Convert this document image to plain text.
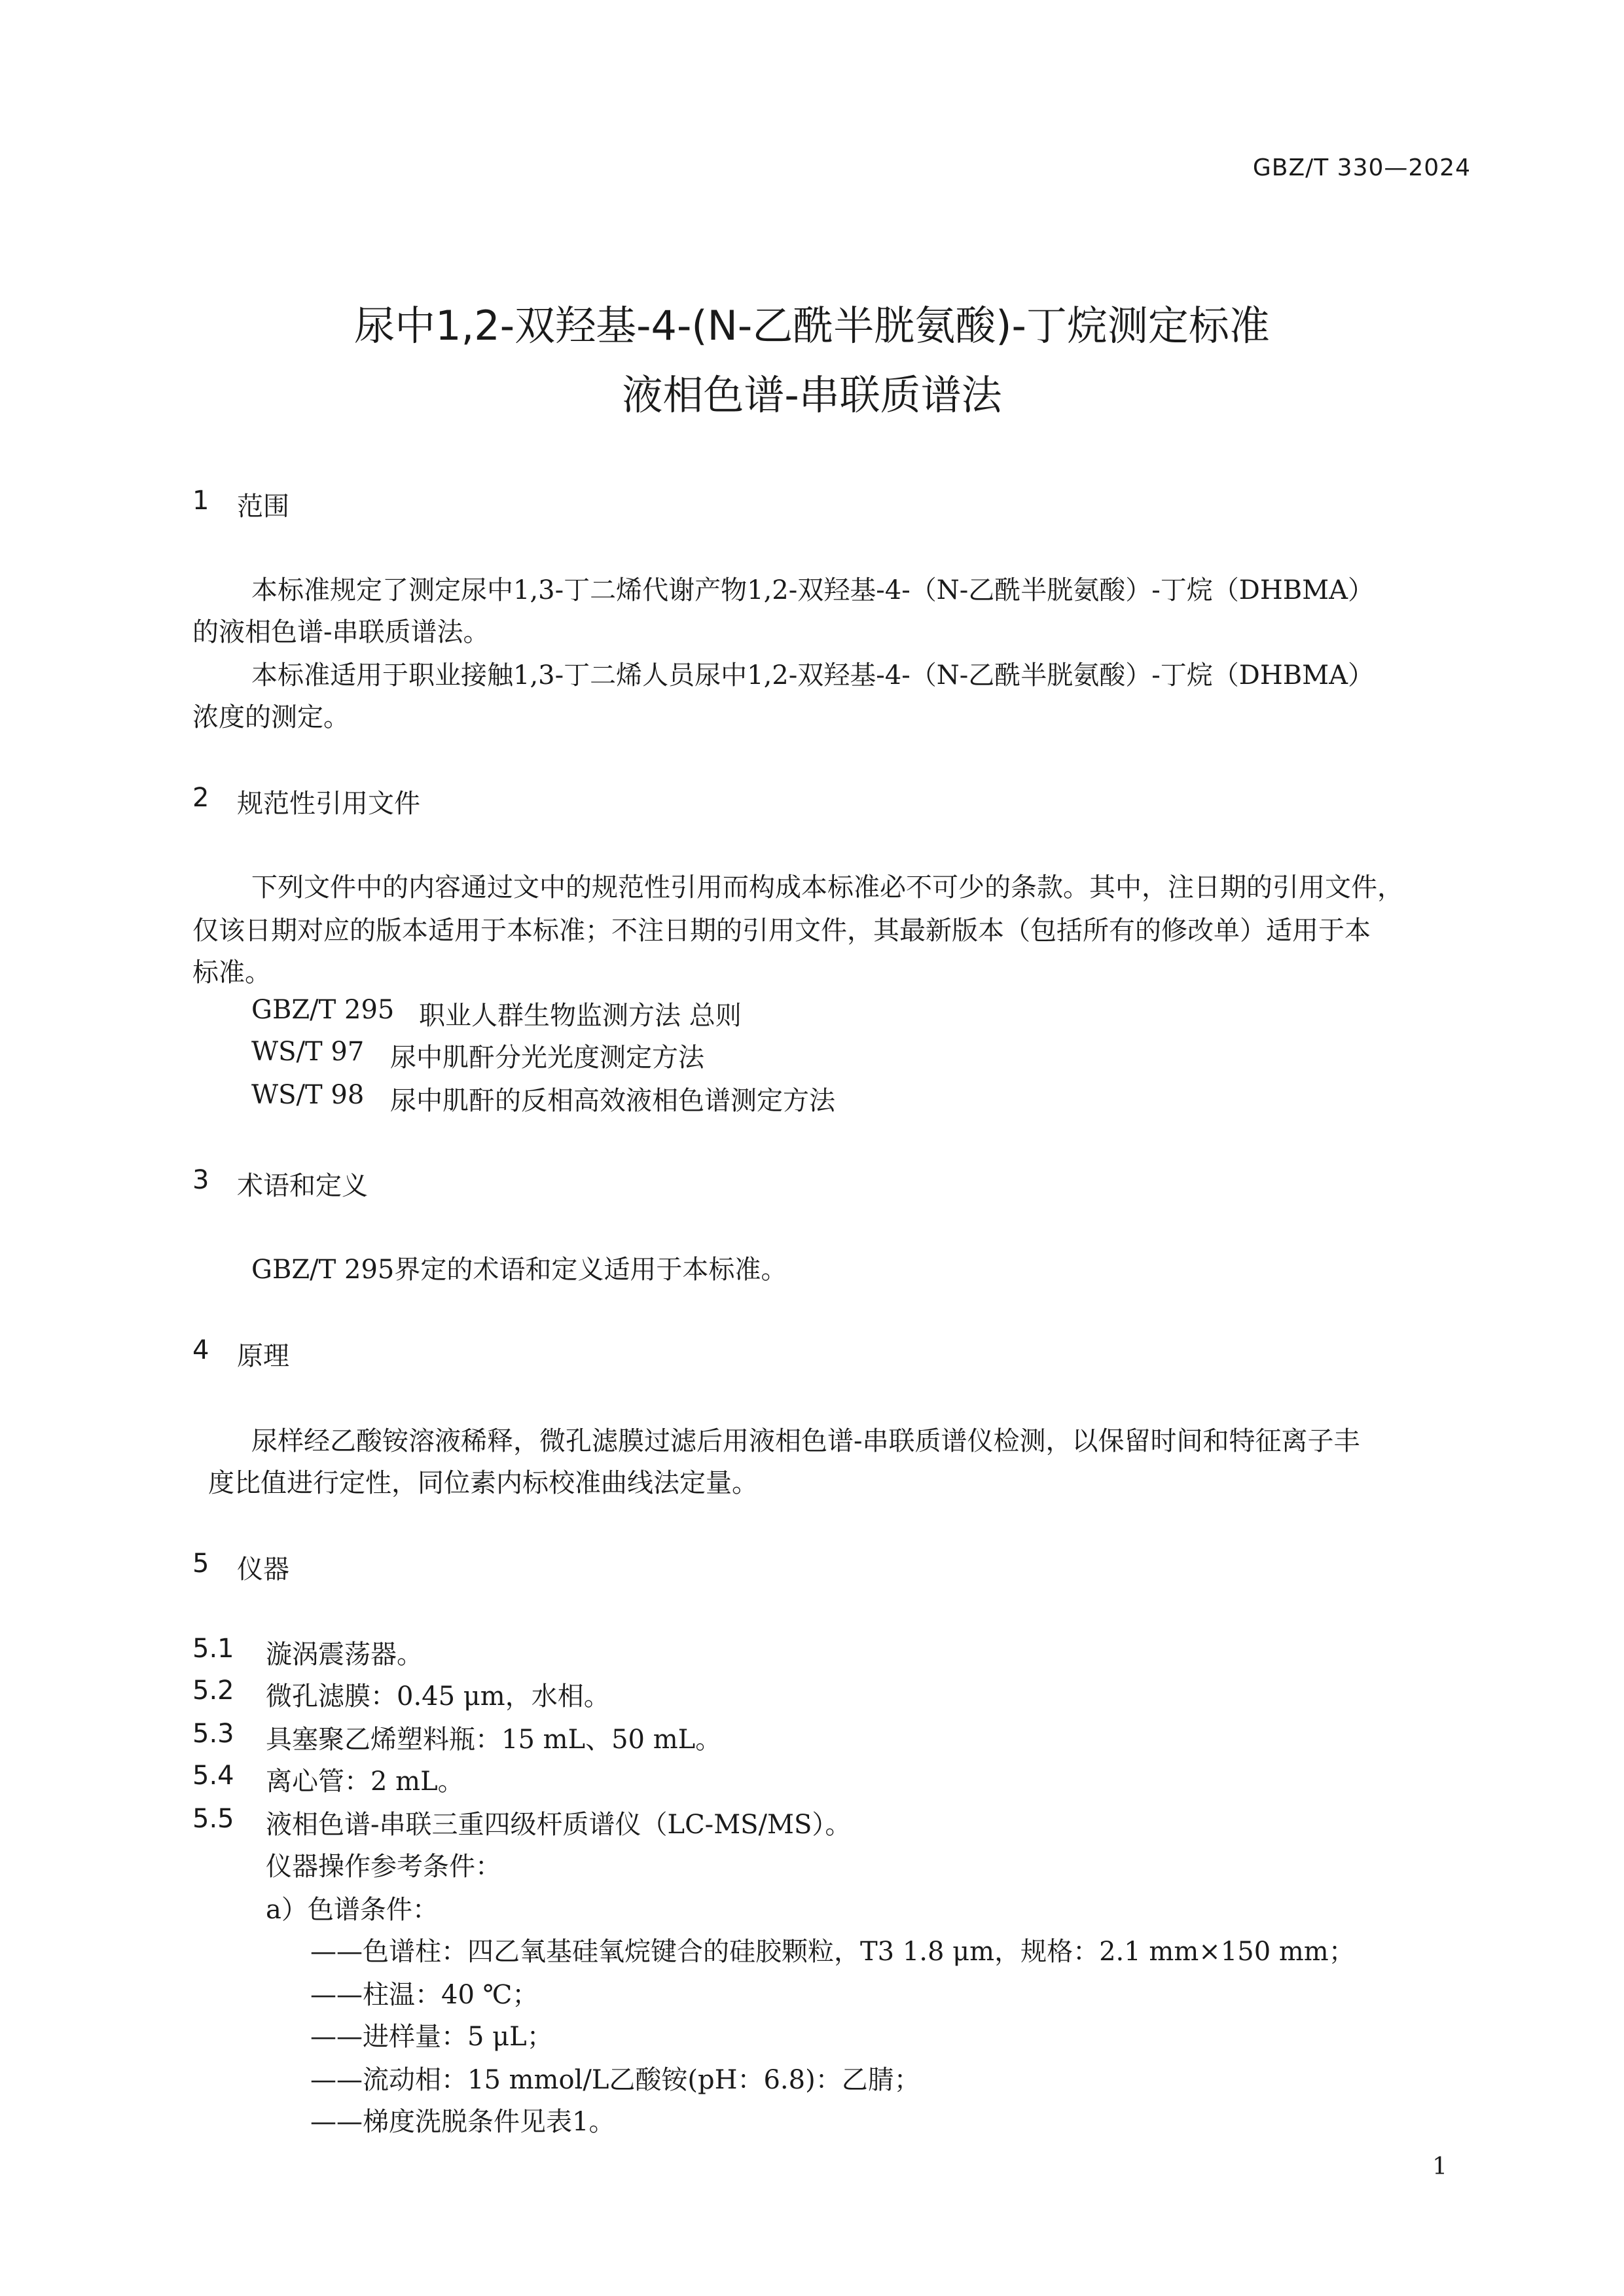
GBZ/T 330—2024
尿中1,2-双羟基-4-(N-乙酰半胱氨酸)-丁烷测定标准
液相色谱-串联质谱法
1 范围
本标准规定了测定尿中1,3-丁二烯代谢产物1,2-双羟基-4-（N-乙酰半胱氨酸）-丁烷（DHBMA）
的液相色谱-串联质谱法。
本标准适用于职业接触1,3-丁二烯人员尿中1,2-双羟基-4-（N-乙酰半胱氨酸）-丁烷（DHBMA）
浓度的测定。
2 规范性引用文件
下列文件中的内容通过文中的规范性引用而构成本标准必不可少的条款。其中，注日期的引用文件，
仅该日期对应的版本适用于本标准；不注日期的引用文件，其最新版本（包括所有的修改单）适用于本
标准。
GBZ/T 295 职业人群生物监测方法 总则
WS/T 97 尿中肌酐分光光度测定方法
WS/T 98 尿中肌酐的反相高效液相色谱测定方法
3 术语和定义
GBZ/T 295界定的术语和定义适用于本标准。
4 原理
尿样经乙酸铵溶液稀释，微孔滤膜过滤后用液相色谱-串联质谱仪检测，以保留时间和特征离子丰
度比值进行定性，同位素内标校准曲线法定量。
5 仪器
5.1 漩涡震荡器。
5.2 微孔滤膜：0.45 μm，水相。
5.3 具塞聚乙烯塑料瓶：15 mL、50 mL。
5.4 离心管：2 mL。
5.5 液相色谱-串联三重四级杆质谱仪（LC-MS/MS）。
仪器操作参考条件：
a）色谱条件：
——色谱柱：四乙氧基硅氧烷键合的硅胶颗粒，T3 1.8 μm，规格：2.1 mm×150 mm；
——柱温：40 ℃；
——进样量：5 μL；
——流动相：15 mmol/L乙酸铵(pH：6.8)：乙腈；
——梯度洗脱条件见表1。
1
